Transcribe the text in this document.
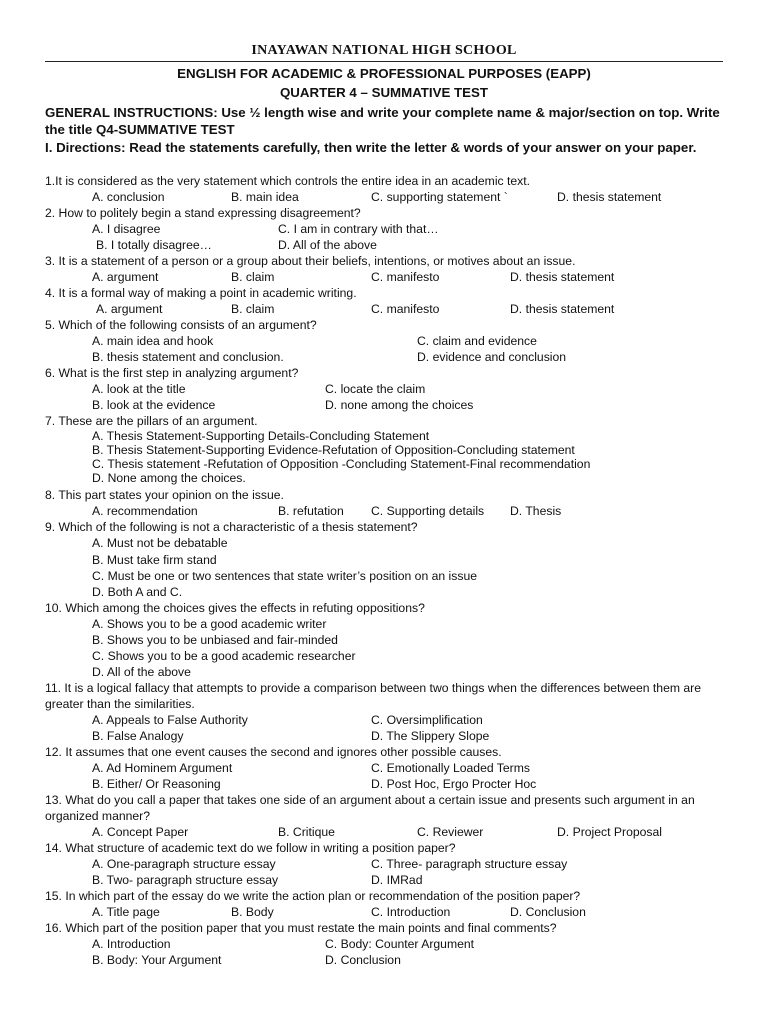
INAYAWAN NATIONAL HIGH SCHOOL
ENGLISH FOR ACADEMIC & PROFESSIONAL PURPOSES (EAPP)
QUARTER 4 – SUMMATIVE TEST
GENERAL INSTRUCTIONS: Use ½ length wise and write your complete name & major/section on top. Write the title Q4-SUMMATIVE TEST
I. Directions: Read the statements carefully, then write the letter & words of your answer on your paper.
1.It is considered as the very statement which controls the entire idea in an academic text.
A. conclusion	B. main idea	C. supporting statement `	D. thesis statement
2. How to politely begin a stand expressing disagreement?
A. I disagree	C. I am in contrary with that…
B. I totally disagree…	D. All of the above
3. It is a statement of a person or a group about their beliefs, intentions, or motives about an issue.
A. argument	B. claim	C. manifesto	D. thesis statement
4. It is a formal way of making a point in academic writing.
A. argument	B. claim	C. manifesto	D. thesis statement
5. Which of the following consists of an argument?
A. main idea and hook	C. claim and evidence
B. thesis statement and conclusion.	D. evidence and conclusion
6. What is the first step in analyzing argument?
A. look at the title	C. locate the claim
B. look at the evidence	D. none among the choices
7. These are the pillars of an argument.
A. Thesis Statement-Supporting Details-Concluding Statement
B. Thesis Statement-Supporting Evidence-Refutation of Opposition-Concluding statement
C. Thesis statement -Refutation of Opposition -Concluding Statement-Final recommendation
D. None among the choices.
8. This part states your opinion on the issue.
A. recommendation	B. refutation C. Supporting details D. Thesis
9. Which of the following is not a characteristic of a thesis statement?
A. Must not be debatable
B. Must take firm stand
C. Must be one or two sentences that state writer’s position on an issue
D. Both A and C.
10. Which among the choices gives the effects in refuting oppositions?
A. Shows you to be a good academic writer
B. Shows you to be unbiased and fair-minded
C. Shows you to be a good academic researcher
D. All of the above
11. It is a logical fallacy that attempts to provide a comparison between two things when the differences between them are greater than the similarities.
A. Appeals to False Authority	C. Oversimplification
B. False Analogy	D. The Slippery Slope
12. It assumes that one event causes the second and ignores other possible causes.
A. Ad Hominem Argument	C. Emotionally Loaded Terms
B. Either/ Or Reasoning	D. Post Hoc, Ergo Procter Hoc
13. What do you call a paper that takes one side of an argument about a certain issue and presents such argument in an organized manner?
A. Concept Paper	B. Critique	C. Reviewer	D. Project Proposal
14. What structure of academic text do we follow in writing a position paper?
A. One-paragraph structure essay	C. Three- paragraph structure essay
B. Two- paragraph structure essay	D. IMRad
15. In which part of the essay do we write the action plan or recommendation of the position paper?
A. Title page	B. Body	C. Introduction	D. Conclusion
16. Which part of the position paper that you must restate the main points and final comments?
A. Introduction	C. Body: Counter Argument
B. Body: Your Argument	D. Conclusion
